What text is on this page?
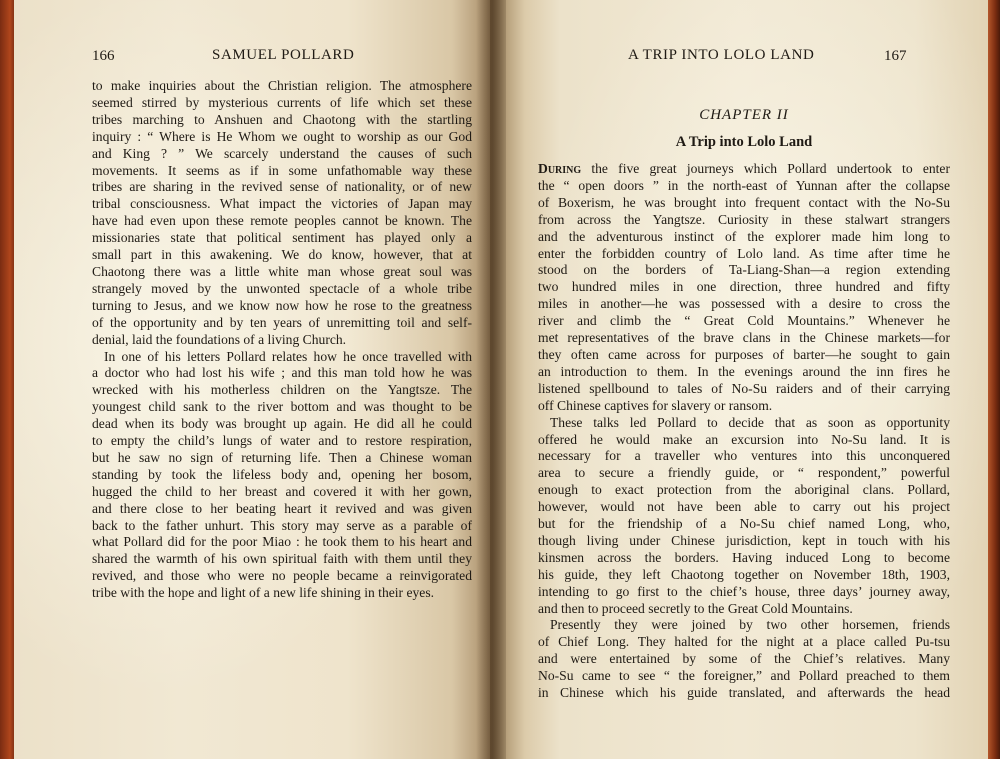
166	SAMUEL POLLARD
to make inquiries about the Christian religion. The atmosphere
seemed stirred by mysterious currents of life which set these
tribes marching to Anshuen and Chaotong with the startling
inquiry : “ Where is He Whom we ought to worship as our God
and King ? ” We scarcely understand the causes of such
movements. It seems as if in some unfathomable way these
tribes are sharing in the revived sense of nationality, or of new
tribal consciousness. What impact the victories of Japan may
have had even upon these remote peoples cannot be known. The
missionaries state that political sentiment has played only a
small part in this awakening. We do know, however, that at
Chaotong there was a little white man whose great soul was
strangely moved by the unwonted spectacle of a whole tribe
turning to Jesus, and we know now how he rose to the greatness
of the opportunity and by ten years of unremitting toil and self-
denial, laid the foundations of a living Church.
In one of his letters Pollard relates how he once travelled with
a doctor who had lost his wife ; and this man told how he was
wrecked with his motherless children on the Yangtsze. The
youngest child sank to the river bottom and was thought to be
dead when its body was brought up again. He did all he could
to empty the child’s lungs of water and to restore respiration,
but he saw no sign of returning life. Then a Chinese woman
standing by took the lifeless body and, opening her bosom,
hugged the child to her breast and covered it with her gown,
and there close to her beating heart it revived and was given
back to the father unhurt. This story may serve as a parable of
what Pollard did for the poor Miao : he took them to his heart and
shared the warmth of his own spiritual faith with them until they
revived, and those who were no people became a reinvigorated
tribe with the hope and light of a new life shining in their eyes.
A TRIP INTO LOLO LAND	167
CHAPTER II
A Trip into Lolo Land
During the five great journeys which Pollard undertook to enter
the “ open doors ” in the north-east of Yunnan after the collapse
of Boxerism, he was brought into frequent contact with the No-Su
from across the Yangtsze. Curiosity in these stalwart strangers
and the adventurous instinct of the explorer made him long to
enter the forbidden country of Lolo land. As time after time he
stood on the borders of Ta-Liang-Shan—a region extending
two hundred miles in one direction, three hundred and fifty
miles in another—he was possessed with a desire to cross the
river and climb the “ Great Cold Mountains.” Whenever he
met representatives of the brave clans in the Chinese markets—for
they often came across for purposes of barter—he sought to gain
an introduction to them. In the evenings around the inn fires he
listened spellbound to tales of No-Su raiders and of their carrying
off Chinese captives for slavery or ransom.
These talks led Pollard to decide that as soon as opportunity
offered he would make an excursion into No-Su land. It is
necessary for a traveller who ventures into this unconquered
area to secure a friendly guide, or “ respondent,” powerful
enough to exact protection from the aboriginal clans. Pollard,
however, would not have been able to carry out his project
but for the friendship of a No-Su chief named Long, who,
though living under Chinese jurisdiction, kept in touch with his
kinsmen across the borders. Having induced Long to become
his guide, they left Chaotong together on November 18th, 1903,
intending to go first to the chief’s house, three days’ journey away,
and then to proceed secretly to the Great Cold Mountains.
Presently they were joined by two other horsemen, friends
of Chief Long. They halted for the night at a place called Pu-tsu
and were entertained by some of the Chief’s relatives. Many
No-Su came to see “ the foreigner,” and Pollard preached to them
in Chinese which his guide translated, and afterwards the head
